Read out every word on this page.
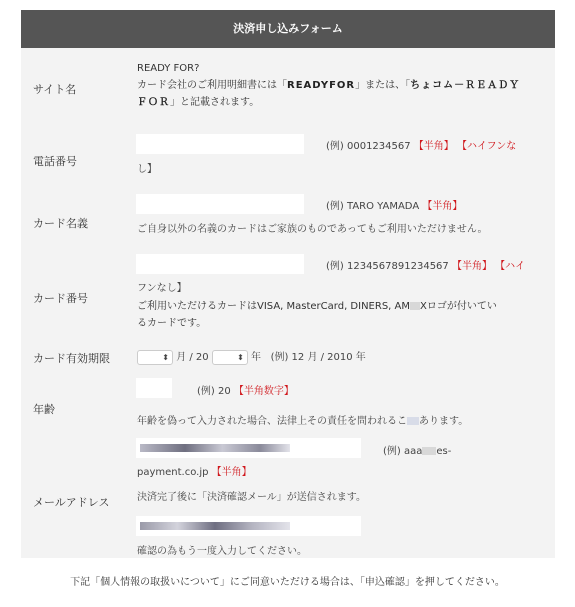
決済申し込みフォーム
サイト名
READY FOR?
カード会社のご利用明細書には「READYFOR」または、「ちょコム－ＲＥＡＤＹ
ＦＯＲ」と記載されます。
電話番号
(例) 0001234567 【半角】 【ハイフンな
し】
カード名義
(例) TARO YAMADA 【半角】
ご自身以外の名義のカードはご家族のものであってもご利用いただけません。
カード番号
(例) 1234567891234567 【半角】 【ハイ
フンなし】
ご利用いただけるカードはVISA, MasterCard, DINERS, AM Xロゴが付いてい
るカードです。
カード有効期限	⬍ 月 / 20	⬍ 年 (例) 12 月 / 2010 年
年齢
(例) 20 【半角数字】
年齢を偽って入力された場合、法律上その責任を問われるこ あります。
メールアドレス
(例) aaa es-
payment.co.jp 【半角】
決済完了後に「決済確認メール」が送信されます。
確認の為もう一度入力してください。
下記「個人情報の取扱いについて」にご同意いただける場合は、「申込確認」を押してください。
